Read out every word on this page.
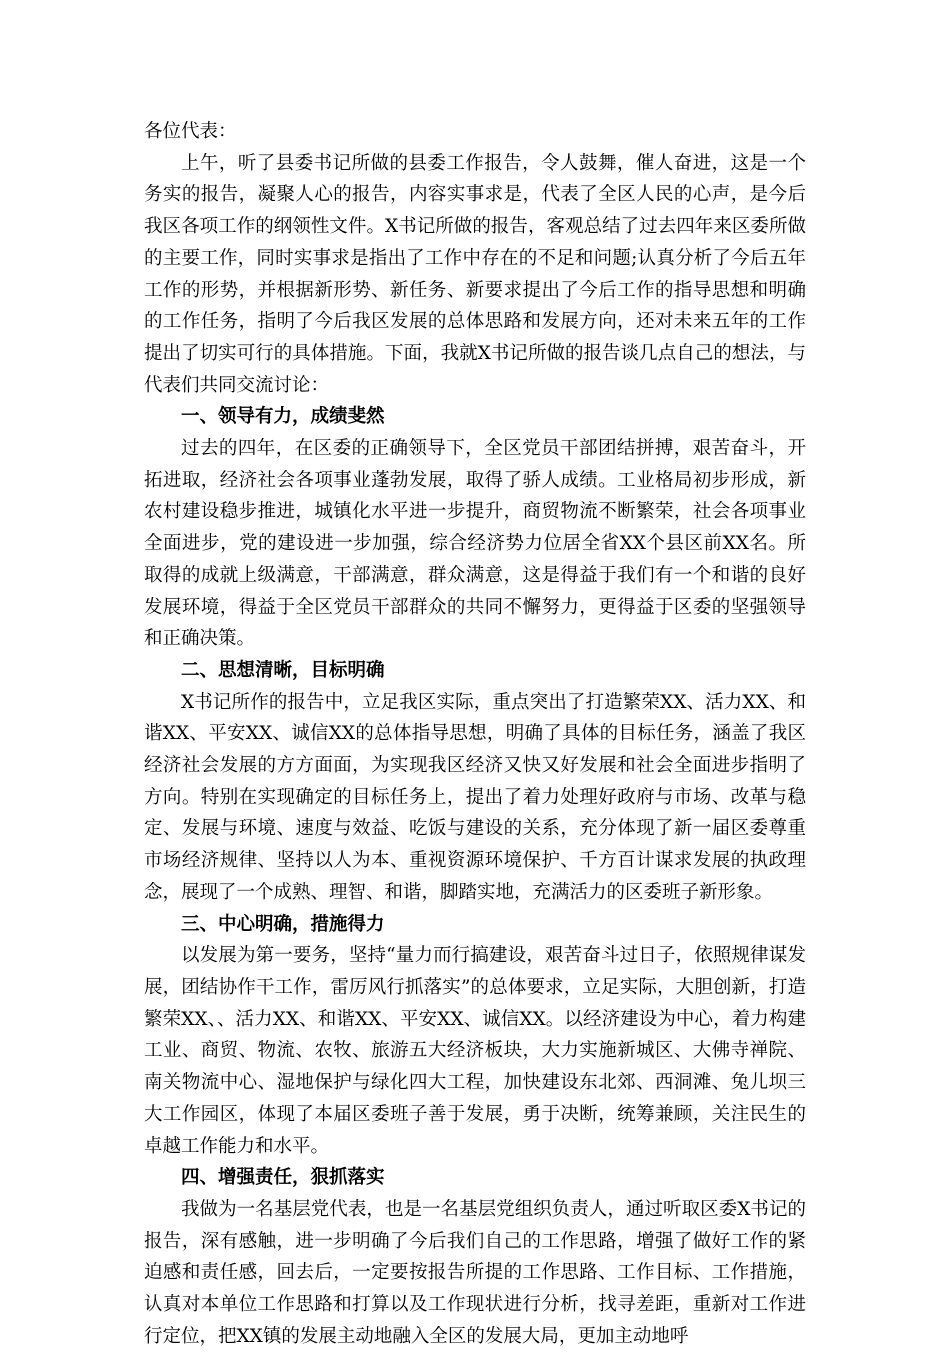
各位代表：

上午，听了县委书记所做的县委工作报告，令人鼓舞，催人奋进，这是一个务实的报告，凝聚人心的报告，内容实事求是，代表了全区人民的心声，是今后我区各项工作的纲领性文件。X书记所做的报告，客观总结了过去四年来区委所做的主要工作，同时实事求是指出了工作中存在的不足和问题;认真分析了今后五年工作的形势，并根据新形势、新任务、新要求提出了今后工作的指导思想和明确的工作任务，指明了今后我区发展的总体思路和发展方向，还对未来五年的工作提出了切实可行的具体措施。下面，我就X书记所做的报告谈几点自己的想法，与代表们共同交流讨论：

一、领导有力，成绩斐然

过去的四年，在区委的正确领导下，全区党员干部团结拼搏，艰苦奋斗，开拓进取，经济社会各项事业蓬勃发展，取得了骄人成绩。工业格局初步形成，新农村建设稳步推进，城镇化水平进一步提升，商贸物流不断繁荣，社会各项事业全面进步，党的建设进一步加强，综合经济势力位居全省XX个县区前XX名。所取得的成就上级满意，干部满意，群众满意，这是得益于我们有一个和谐的良好发展环境，得益于全区党员干部群众的共同不懈努力，更得益于区委的坚强领导和正确决策。

二、思想清晰，目标明确

X书记所作的报告中，立足我区实际，重点突出了打造繁荣XX、活力XX、和谐XX、平安XX、诚信XX的总体指导思想，明确了具体的目标任务，涵盖了我区经济社会发展的方方面面，为实现我区经济又快又好发展和社会全面进步指明了方向。特别在实现确定的目标任务上，提出了着力处理好政府与市场、改革与稳定、发展与环境、速度与效益、吃饭与建设的关系，充分体现了新一届区委尊重市场经济规律、坚持以人为本、重视资源环境保护、千方百计谋求发展的执政理念，展现了一个成熟、理智、和谐，脚踏实地，充满活力的区委班子新形象。

三、中心明确，措施得力

以发展为第一要务，坚持“量力而行搞建设，艰苦奋斗过日子，依照规律谋发展，团结协作干工作，雷厉风行抓落实”的总体要求，立足实际，大胆创新，打造繁荣XX、、活力XX、和谐XX、平安XX、诚信XX。以经济建设为中心，着力构建工业、商贸、物流、农牧、旅游五大经济板块，大力实施新城区、大佛寺禅院、南关物流中心、湿地保护与绿化四大工程，加快建设东北郊、西洞滩、兔儿坝三大工作园区，体现了本届区委班子善于发展，勇于决断，统筹兼顾，关注民生的卓越工作能力和水平。

四、增强责任，狠抓落实

我做为一名基层党代表，也是一名基层党组织负责人，通过听取区委X书记的报告，深有感触，进一步明确了今后我们自己的工作思路，增强了做好工作的紧迫感和责任感，回去后，一定要按报告所提的工作思路、工作目标、工作措施，认真对本单位工作思路和打算以及工作现状进行分析，找寻差距，重新对工作进行定位，把XX镇的发展主动地融入全区的发展大局，更加主动地呼
